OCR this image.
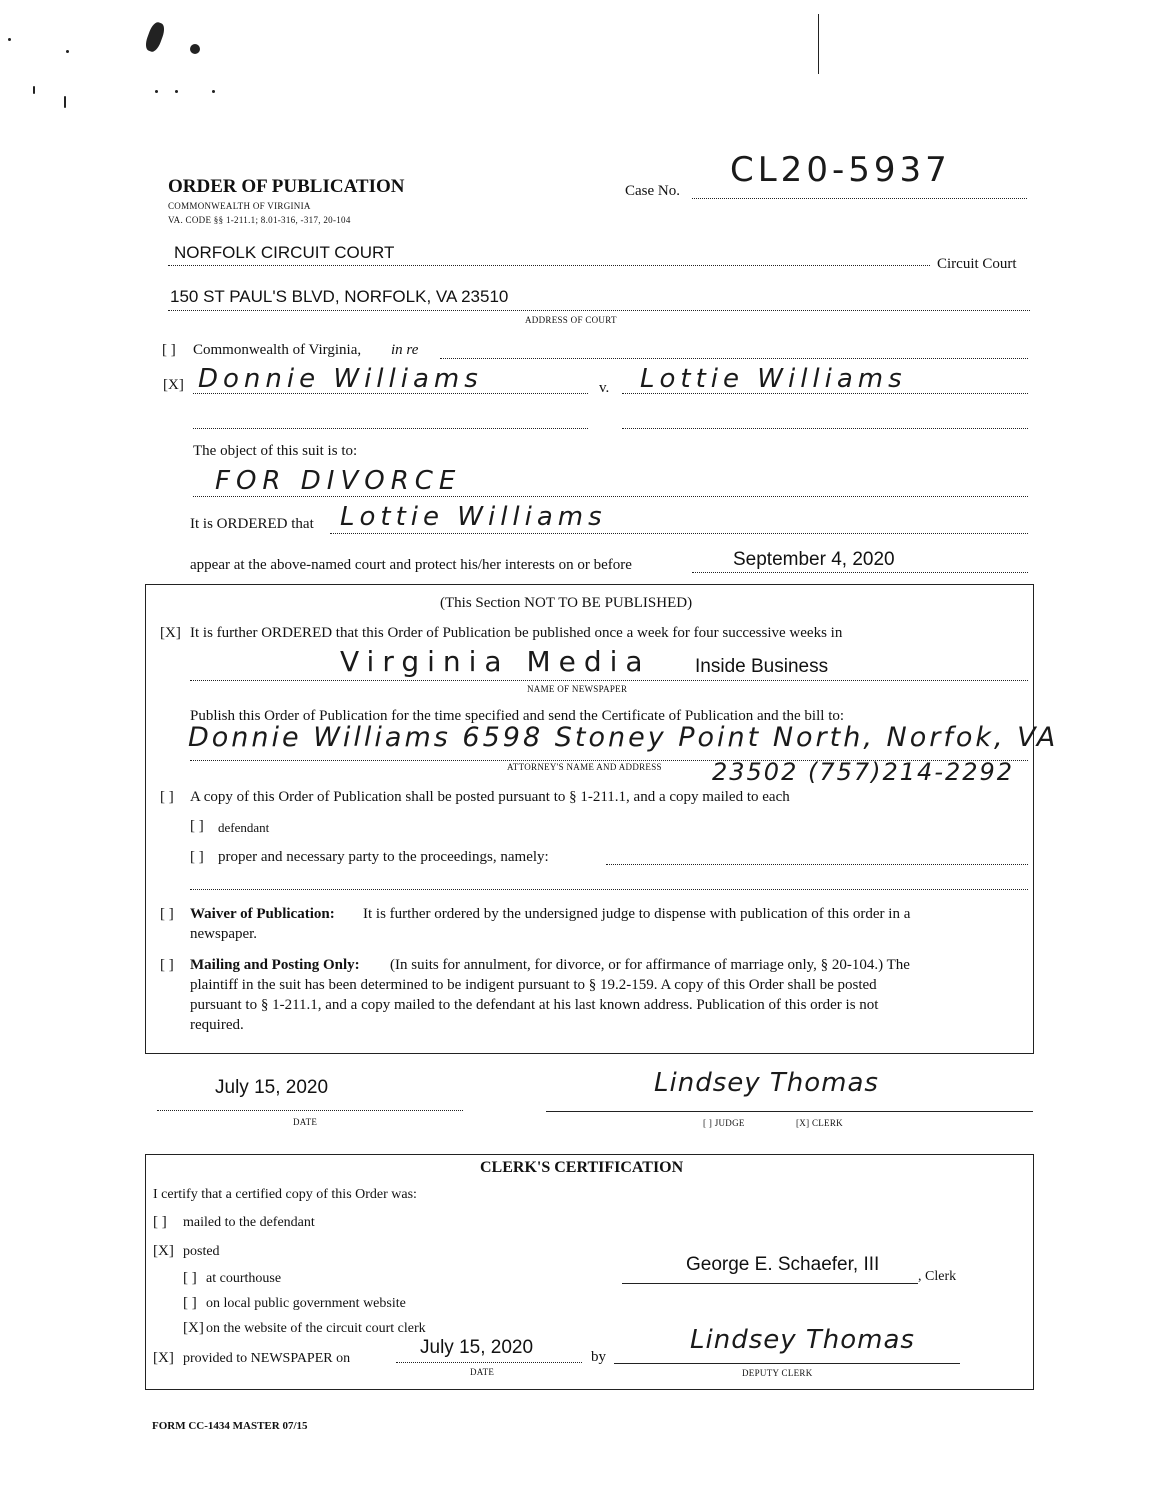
ORDER OF PUBLICATION
COMMONWEALTH OF VIRGINIA
VA. CODE §§ 1-211.1; 8.01-316, -317, 20-104
Case No.
CL20-5937
NORFOLK CIRCUIT COURT
Circuit Court
150 ST PAUL'S BLVD, NORFOLK, VA 23510
ADDRESS OF COURT
[ ] Commonwealth of Virginia, in re
[X] Donnie Williams	v. Lottie Williams
The object of this suit is to:
FOR DIVORCE
It is ORDERED that Lottie Williams
appear at the above-named court and protect his/her interests on or before	September 4, 2020
(This Section NOT TO BE PUBLISHED)
[X] It is further ORDERED that this Order of Publication be published once a week for four successive weeks in
Virginia Media Inside Business
NAME OF NEWSPAPER
Publish this Order of Publication for the time specified and send the Certificate of Publication and the bill to:
Donnie Williams 6598 Stoney Point North, Norfok, VA
ATTORNEY'S NAME AND ADDRESS 23502 (757)214-2292
[ ] A copy of this Order of Publication shall be posted pursuant to § 1-211.1, and a copy mailed to each
[ ] defendant
[ ] proper and necessary party to the proceedings, namely:
[ ] Waiver of Publication: It is further ordered by the undersigned judge to dispense with publication of this order in a
newspaper.
[ ] Mailing and Posting Only: (In suits for annulment, for divorce, or for affirmance of marriage only, § 20-104.) The
plaintiff in the suit has been determined to be indigent pursuant to § 19.2-159. A copy of this Order shall be posted
pursuant to § 1-211.1, and a copy mailed to the defendant at his last known address. Publication of this order is not
required.
July 15, 2020
DATE
Lindsey Thomas
[ ] JUDGE	[X] CLERK
CLERK'S CERTIFICATION
I certify that a certified copy of this Order was:
[ ] mailed to the defendant
[X] posted
[ ] at courthouse
[ ] on local public government website
[X] on the website of the circuit court clerk
[X] provided to NEWSPAPER on
July 15, 2020
DATE
by
George E. Schaefer, III
, Clerk
Lindsey Thomas
DEPUTY CLERK
FORM CC-1434 MASTER 07/15
